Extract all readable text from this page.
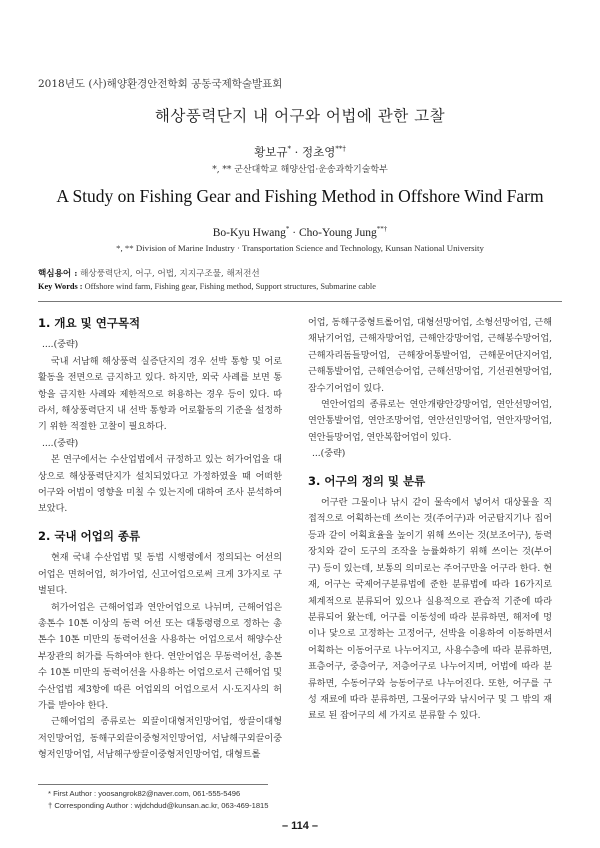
2018년도 (사)해양환경안전학회 공동국제학술발표회
해상풍력단지 내 어구와 어법에 관한 고찰
황보규* · 정초영**†
*, ** 군산대학교 해양산업·운송과학기술학부
A Study on Fishing Gear and Fishing Method in Offshore Wind Farm
Bo-Kyu Hwang* · Cho-Young Jung**†
*, ** Division of Marine Industry · Transportation Science and Technology, Kunsan National University
핵심용어 : 해상풍력단지, 어구, 어법, 지지구조물, 해저전선
Key Words : Offshore wind farm, Fishing gear, Fishing method, Support structures, Submarine cable
1. 개요 및 연구목적

....(중략)

국내 서남해 해상풍력 실증단지의 경우 선박 통항 및 어로활동을 전면으로 금지하고 있다. 하지만, 외국 사례를 보면 통항을 금지한 사례와 제한적으로 허용하는 경우 등이 있다. 따라서, 해상풍력단지 내 선박 통항과 어로활동의 기준을 설정하기 위한 적절한 고찰이 필요하다.

....(중략)

본 연구에서는 수산업법에서 규정하고 있는 허가어업을 대상으로 해상풍력단지가 설치되었다고 가정하였을 때 어떠한 어구와 어법이 영향을 미칠 수 있는지에 대하여 조사 분석하여 보았다.

2. 국내 어업의 종류

현재 국내 수산업법 및 동법 시행령에서 정의되는 어선의 어업은 면허어업, 허가어업, 신고어업으로써 크게 3가지로 구별된다.

허가어업은 근해어업과 연안어업으로 나뉘며, 근해어업은 총톤수 10톤 이상의 동력 어선 또는 대통령령으로 정하는 총톤수 10톤 미만의 동력어선을 사용하는 어업으로서 해양수산부장관의 허가를 득하여야 한다. 연안어업은 무동력어선, 총톤수 10톤 미만의 동력어선을 사용하는 어업으로서 근해어업 및 수산업법 제3항에 따른 어업외의 어업으로서 시·도지사의 허가를 받아야 한다.

근해어업의 종류로는 외끌이대형저인망어업, 쌍끌이대형저인망어업, 동해구외끌이중형저인망어업, 서남해구외끌이중형저인망어업, 서남해구쌍끌이중형저인망어업, 대형트롤

어업, 동해구중형트롤어업, 대형선망어업, 소형선망어업, 근해채낚기어업, 근해자망어업, 근해안강망어업, 근해봉수망어업, 근해자리돔들망어업, 근해장어통발어업, 근해문어단지어업, 근해통발어업, 근해연승어업, 근해선망어업, 기선권현망어업, 잠수기어업이 있다.

연안어업의 종류로는 연안개량안강망어업, 연안선망어업, 연안통발어업, 연안조망어업, 연안선인망어업, 연안자망어업, 연안들망어업, 연안복합어업이 있다.

...(중략)

3. 어구의 정의 및 분류

어구란 그물이나 낚시 같이 물속에서 넣어서 대상물을 직접적으로 어획하는데 쓰이는 것(주어구)과 어군탐지기나 집어등과 같이 어획효율을 높이기 위해 쓰이는 것(보조어구), 동력장치와 같이 도구의 조작을 능률화하기 위해 쓰이는 것(부어구) 등이 있는데, 보통의 의미로는 주어구만을 어구라 한다. 현재, 어구는 국제어구분류법에 준한 분류법에 따라 16가지로 체계적으로 분류되어 있으나 실용적으로 관습적 기준에 따라 분류되어 왔는데, 어구를 이동성에 따라 분류하면, 해저에 멍이나 닻으로 고정하는 고정어구, 선박을 이용하여 이동하면서 어획하는 이동어구로 나누어지고, 사용수층에 따라 분류하면, 표층어구, 중층어구, 저층어구로 나누어지며, 어법에 따라 분류하면, 수동어구와 능동어구로 나누어진다. 또한, 어구를 구성 재료에 따라 분류하면, 그물어구와 낚시어구 및 그 밖의 재료로 된 잡어구의 세 가지로 분류할 수 있다.

* First Author : yoosangrok82@naver.com, 061-555-5496
† Corresponding Author : wjdchdud@kunsan.ac.kr, 063-469-1815
– 114 –
